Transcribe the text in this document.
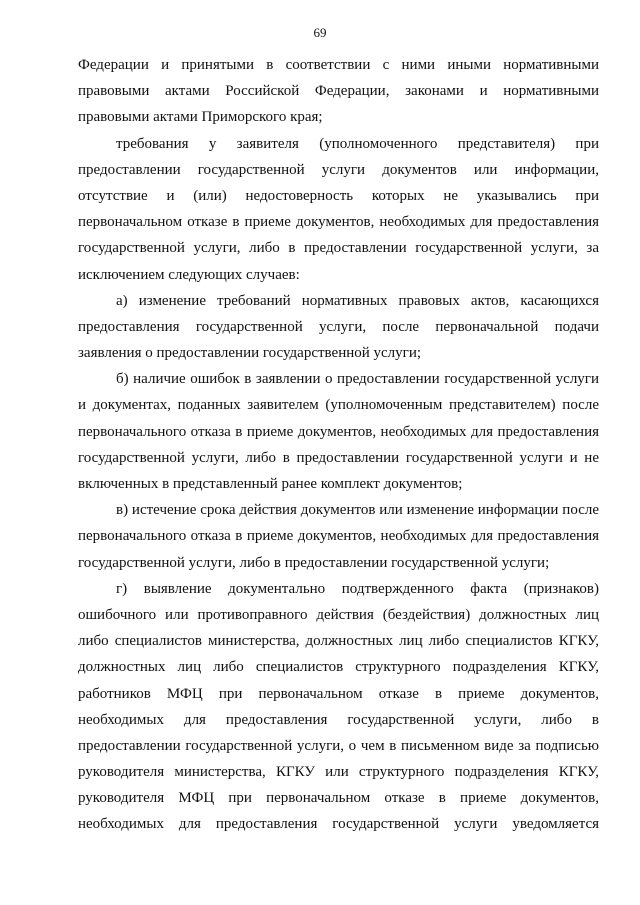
69
Федерации и принятыми в соответствии с ними иными нормативными
правовыми актами Российской Федерации, законами и нормативными
правовыми актами Приморского края;
требования у заявителя (уполномоченного представителя) при
предоставлении государственной услуги документов или информации,
отсутствие и (или) недостоверность которых не указывались при
первоначальном отказе в приеме документов, необходимых для предоставления
государственной услуги, либо в предоставлении государственной услуги, за
исключением следующих случаев:
а) изменение требований нормативных правовых актов, касающихся
предоставления государственной услуги, после первоначальной подачи
заявления о предоставлении государственной услуги;
б) наличие ошибок в заявлении о предоставлении государственной услуги
и документах, поданных заявителем (уполномоченным представителем) после
первоначального отказа в приеме документов, необходимых для предоставления
государственной услуги, либо в предоставлении государственной услуги и не
включенных в представленный ранее комплект документов;
в) истечение срока действия документов или изменение информации после
первоначального отказа в приеме документов, необходимых для предоставления
государственной услуги, либо в предоставлении государственной услуги;
г) выявление документально подтвержденного факта (признаков)
ошибочного или противоправного действия (бездействия) должностных лиц
либо специалистов министерства, должностных лиц либо специалистов КГКУ,
должностных лиц либо специалистов структурного подразделения КГКУ,
работников МФЦ при первоначальном отказе в приеме документов,
необходимых для предоставления государственной услуги, либо в
предоставлении государственной услуги, о чем в письменном виде за подписью
руководителя министерства, КГКУ или структурного подразделения КГКУ,
руководителя МФЦ при первоначальном отказе в приеме документов,
необходимых для предоставления государственной услуги уведомляется
